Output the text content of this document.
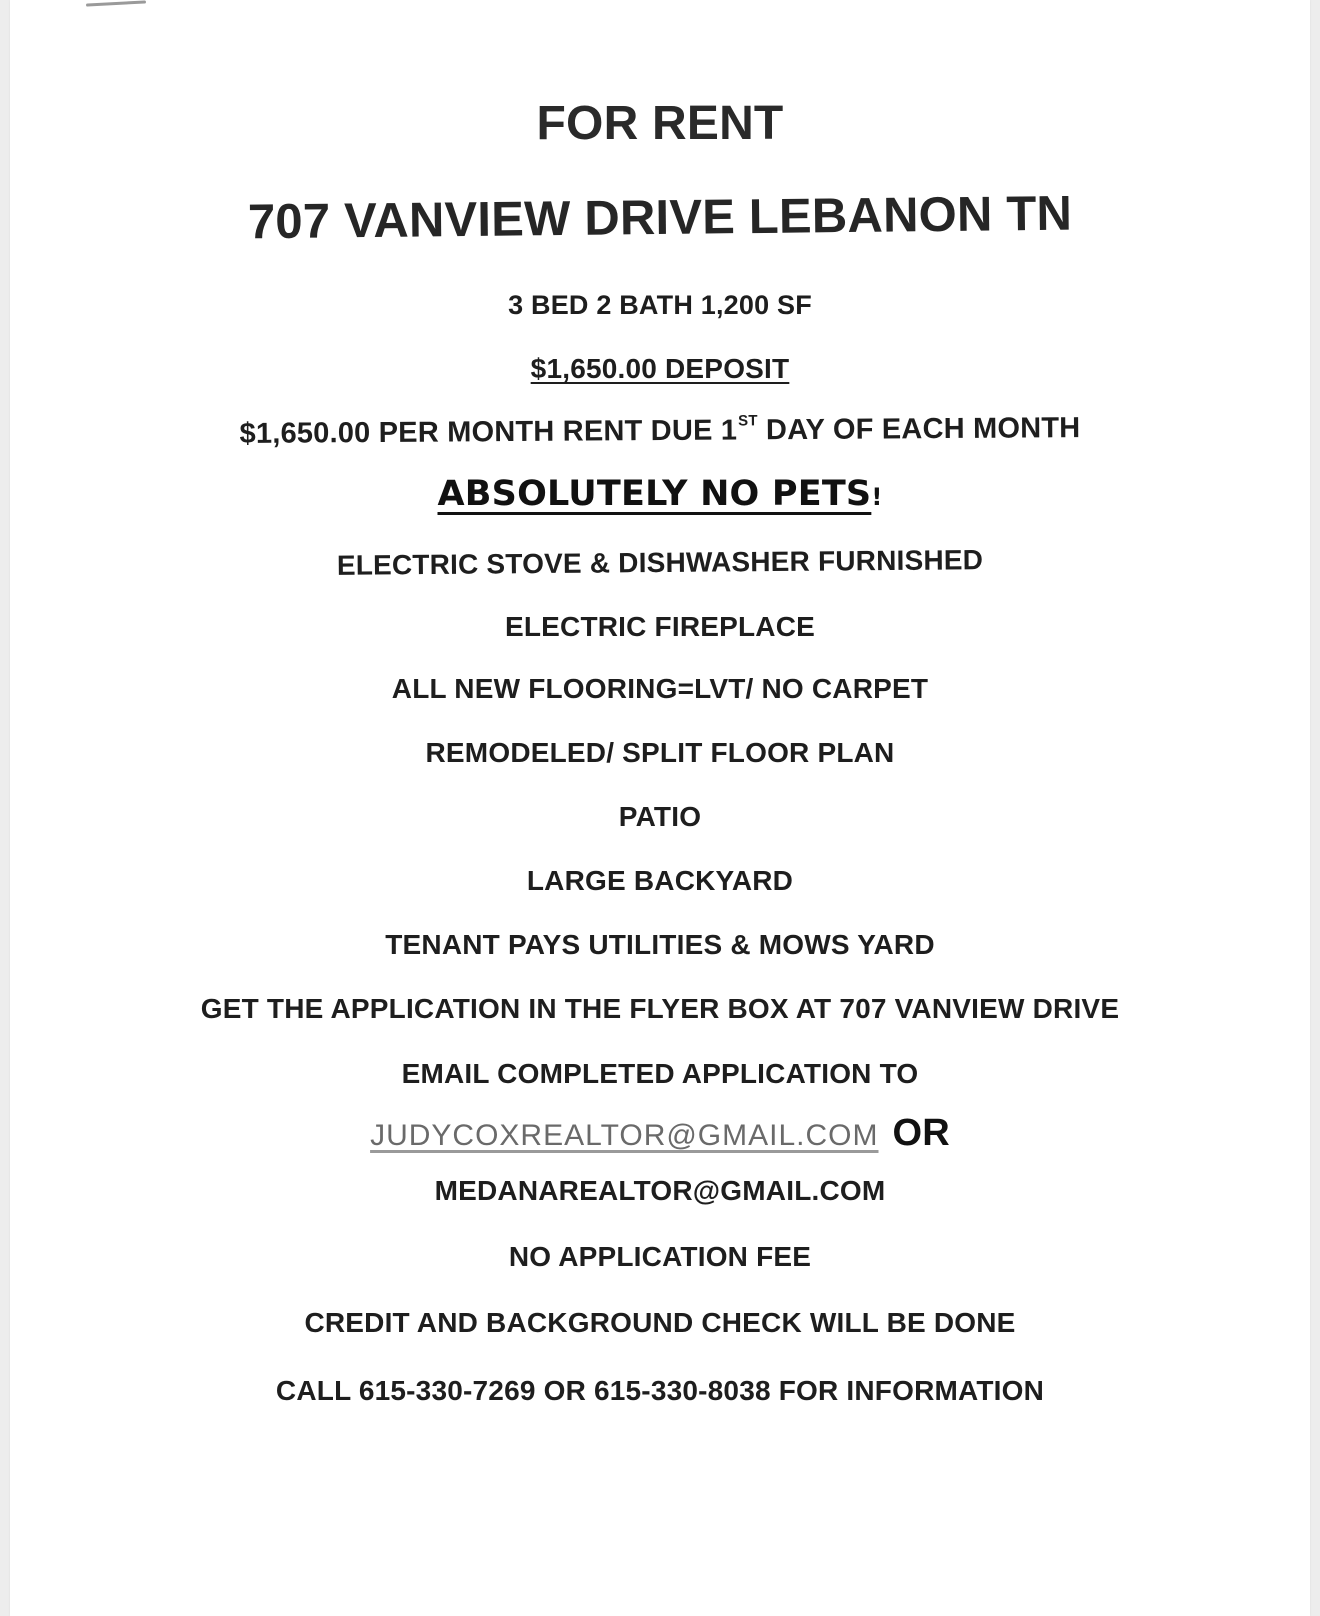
FOR RENT
707 VANVIEW DRIVE LEBANON TN
3 BED 2 BATH 1,200 SF
$1,650.00 DEPOSIT
$1,650.00 PER MONTH RENT DUE 1ST DAY OF EACH MONTH
ABSOLUTELY NO PETS!
ELECTRIC STOVE & DISHWASHER FURNISHED
ELECTRIC FIREPLACE
ALL NEW FLOORING=LVT/ NO CARPET
REMODELED/ SPLIT FLOOR PLAN
PATIO
LARGE BACKYARD
TENANT PAYS UTILITIES & MOWS YARD
GET THE APPLICATION IN THE FLYER BOX AT 707 VANVIEW DRIVE
EMAIL COMPLETED APPLICATION TO
JUDYCOXREALTOR@GMAIL.COM OR
MEDANAREALTOR@GMAIL.COM
NO APPLICATION FEE
CREDIT AND BACKGROUND CHECK WILL BE DONE
CALL 615-330-7269 OR 615-330-8038 FOR INFORMATION
